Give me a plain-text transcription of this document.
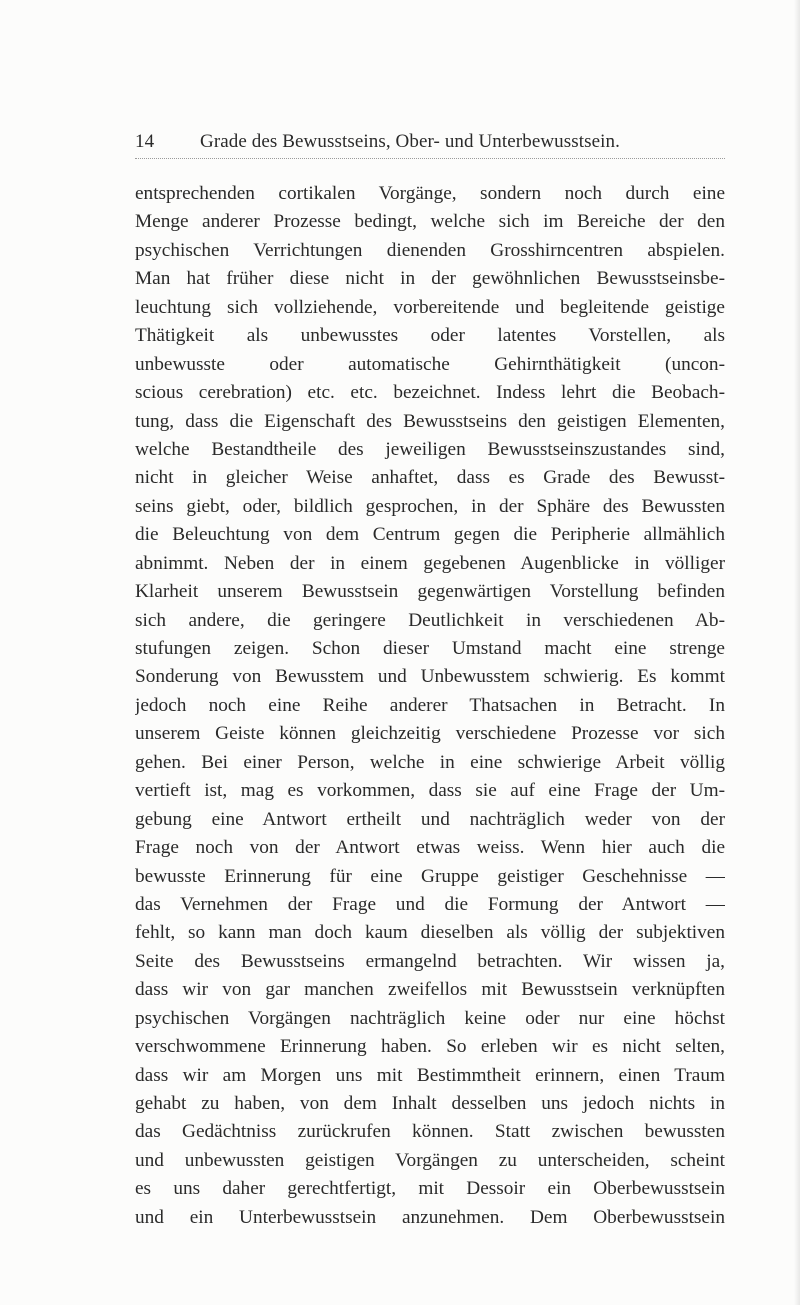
14 Grade des Bewusstseins, Ober- und Unterbewusstsein.
entsprechenden cortikalen Vorgänge, sondern noch durch eine
Menge anderer Prozesse bedingt, welche sich im Bereiche der den
psychischen Verrichtungen dienenden Grosshirncentren abspielen.
Man hat früher diese nicht in der gewöhnlichen Bewusstseinsbe-
leuchtung sich vollziehende, vorbereitende und begleitende geistige
Thätigkeit als unbewusstes oder latentes Vorstellen, als
unbewusste oder automatische Gehirnthätigkeit (uncon-
scious cerebration) etc. etc. bezeichnet. Indess lehrt die Beobach-
tung, dass die Eigenschaft des Bewusstseins den geistigen Elementen,
welche Bestandtheile des jeweiligen Bewusstseinszustandes sind,
nicht in gleicher Weise anhaftet, dass es Grade des Bewusst-
seins giebt, oder, bildlich gesprochen, in der Sphäre des Bewussten
die Beleuchtung von dem Centrum gegen die Peripherie allmählich
abnimmt. Neben der in einem gegebenen Augenblicke in völliger
Klarheit unserem Bewusstsein gegenwärtigen Vorstellung befinden
sich andere, die geringere Deutlichkeit in verschiedenen Ab-
stufungen zeigen. Schon dieser Umstand macht eine strenge
Sonderung von Bewusstem und Unbewusstem schwierig. Es kommt
jedoch noch eine Reihe anderer Thatsachen in Betracht. In
unserem Geiste können gleichzeitig verschiedene Prozesse vor sich
gehen. Bei einer Person, welche in eine schwierige Arbeit völlig
vertieft ist, mag es vorkommen, dass sie auf eine Frage der Um-
gebung eine Antwort ertheilt und nachträglich weder von der
Frage noch von der Antwort etwas weiss. Wenn hier auch die
bewusste Erinnerung für eine Gruppe geistiger Geschehnisse —
das Vernehmen der Frage und die Formung der Antwort —
fehlt, so kann man doch kaum dieselben als völlig der subjektiven
Seite des Bewusstseins ermangelnd betrachten. Wir wissen ja,
dass wir von gar manchen zweifellos mit Bewusstsein verknüpften
psychischen Vorgängen nachträglich keine oder nur eine höchst
verschwommene Erinnerung haben. So erleben wir es nicht selten,
dass wir am Morgen uns mit Bestimmtheit erinnern, einen Traum
gehabt zu haben, von dem Inhalt desselben uns jedoch nichts in
das Gedächtniss zurückrufen können. Statt zwischen bewussten
und unbewussten geistigen Vorgängen zu unterscheiden, scheint
es uns daher gerechtfertigt, mit Dessoir ein Oberbewusstsein
und ein Unterbewusstsein anzunehmen. Dem Oberbewusstsein
